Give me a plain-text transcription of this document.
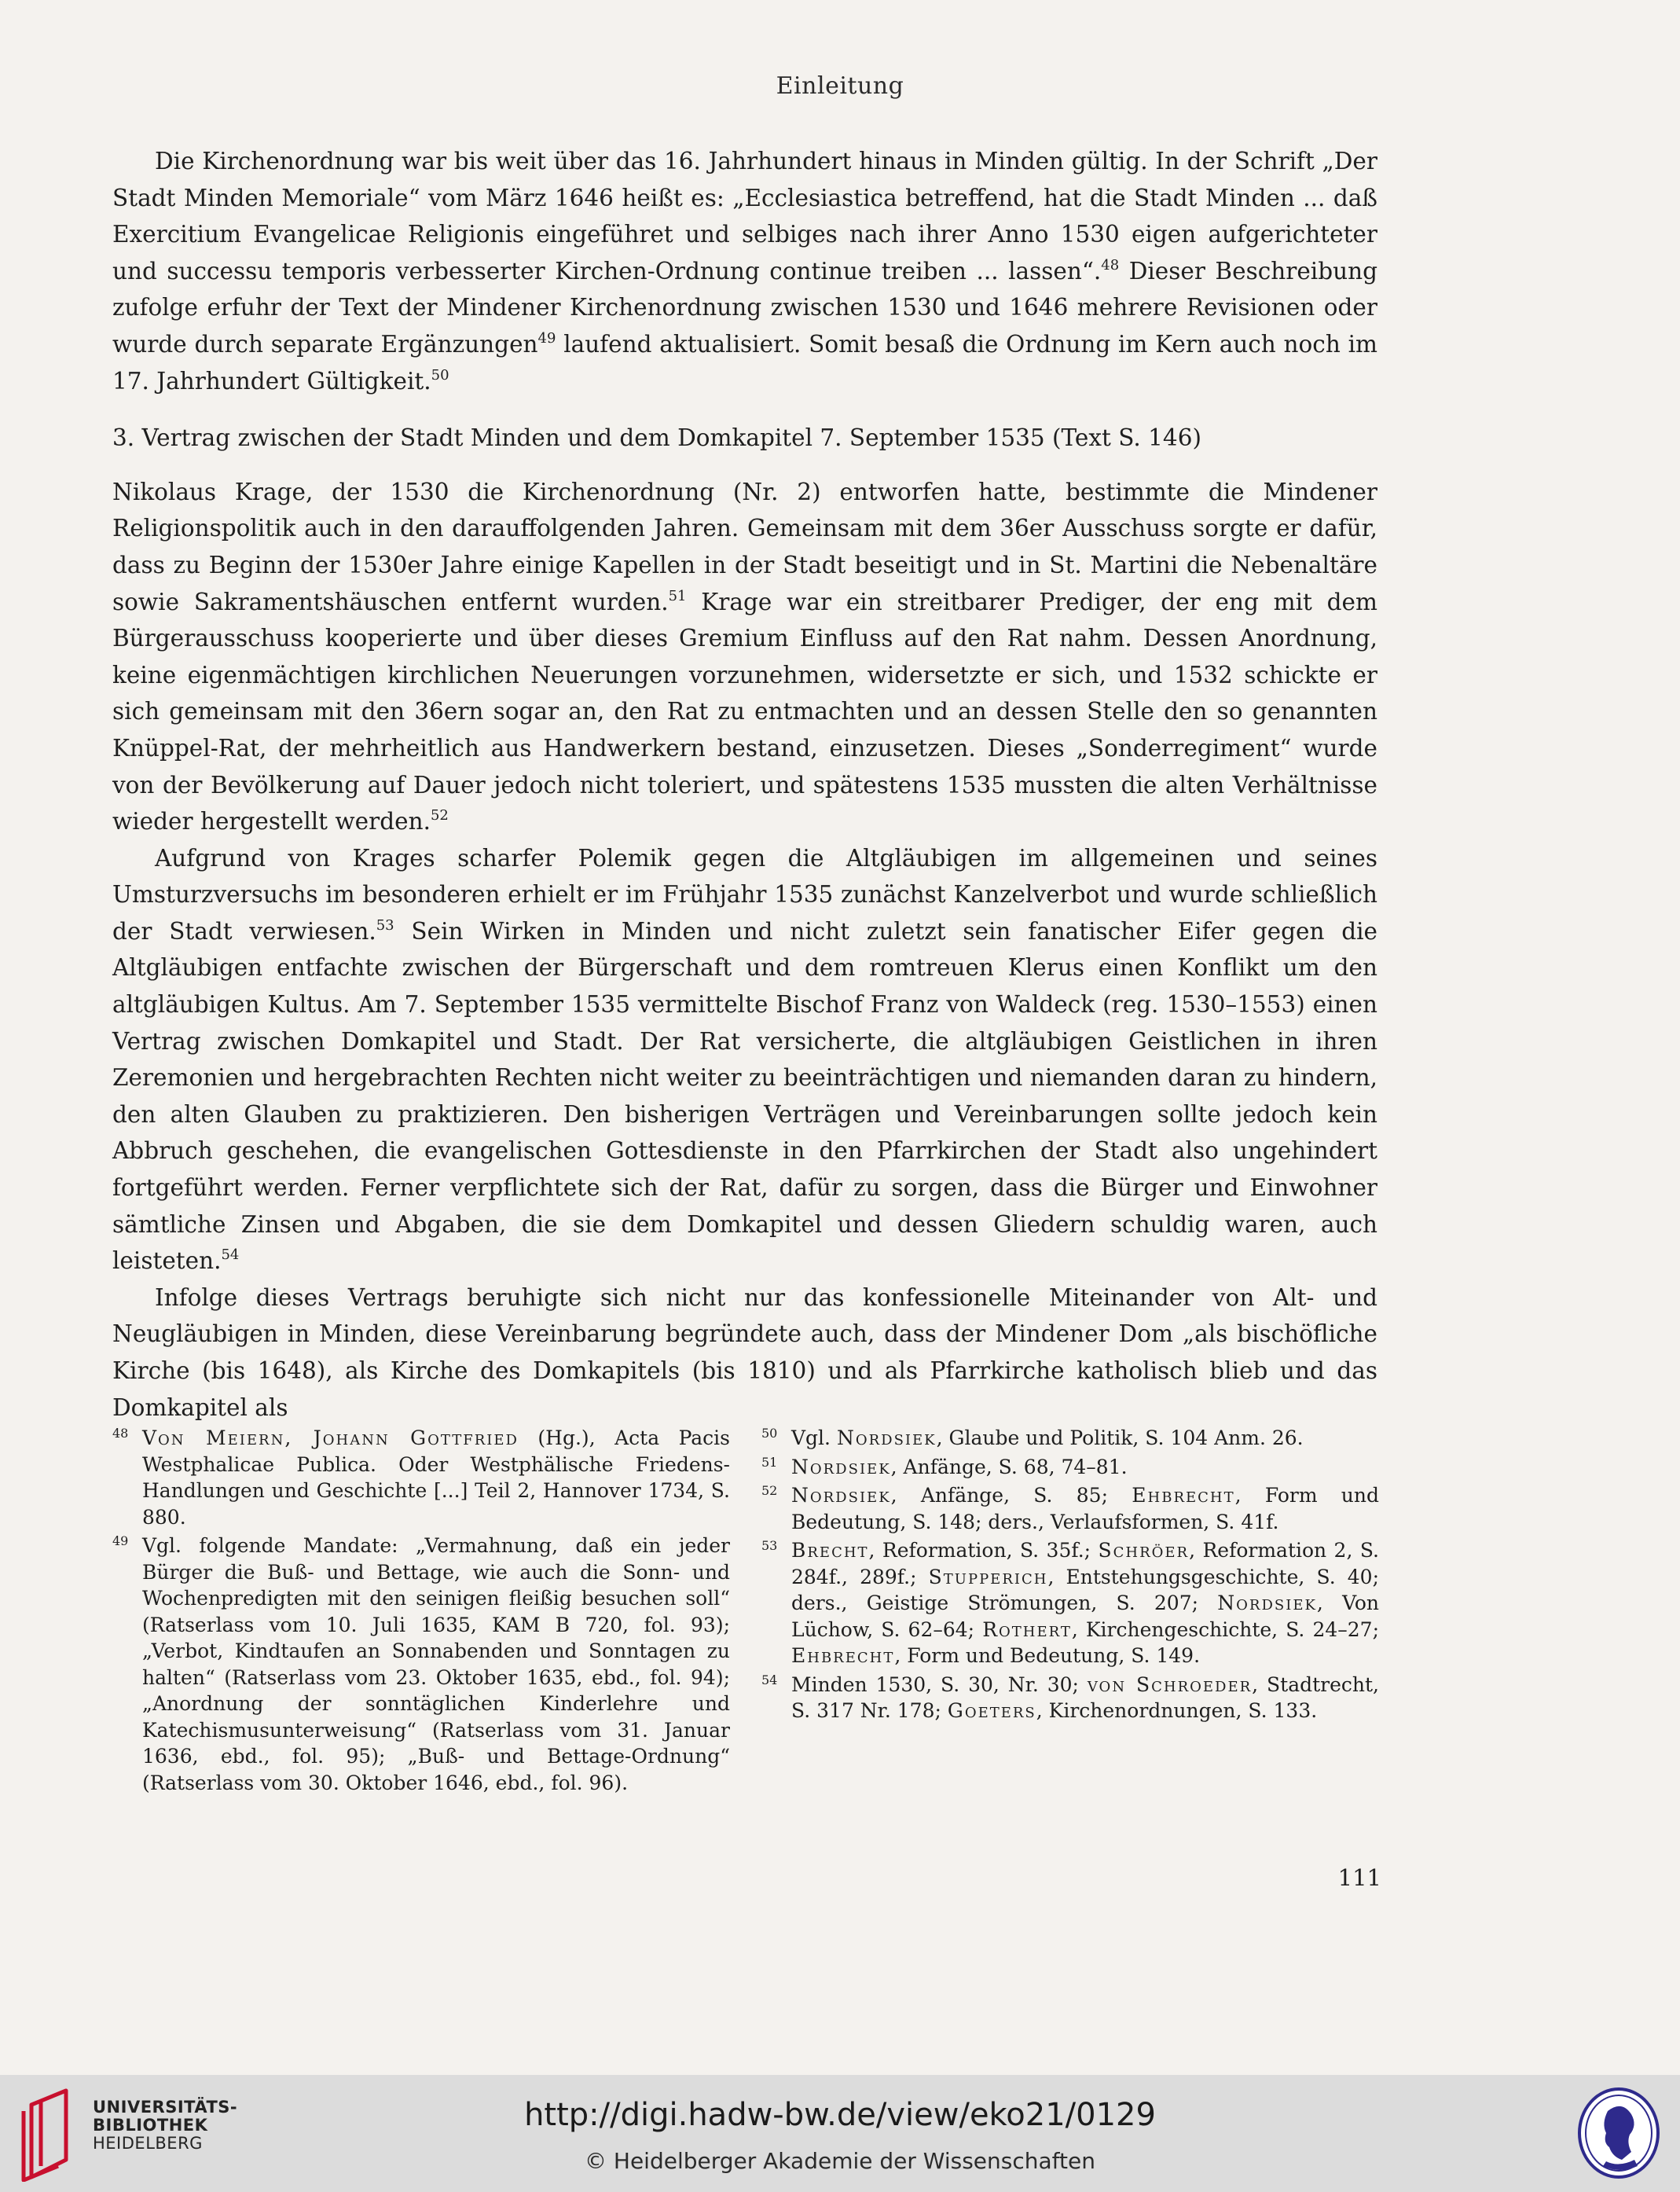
Einleitung

Die Kirchenordnung war bis weit über das 16. Jahrhundert hinaus in Minden gültig. In der Schrift „Der Stadt Minden Memoriale“ vom März 1646 heißt es: „Ecclesiastica betreffend, hat die Stadt Minden ... daß Exercitium Evangelicae Religionis eingeführet und selbiges nach ihrer Anno 1530 eigen aufgerichteter und successu temporis verbesserter Kirchen-Ordnung continue treiben ... lassen“.$^{48}$ Dieser Beschreibung zufolge erfuhr der Text der Mindener Kirchenordnung zwischen 1530 und 1646 mehrere Revisionen oder wurde durch separate Ergänzungen$^{49}$ laufend aktualisiert. Somit besaß die Ordnung im Kern auch noch im 17. Jahrhundert Gültigkeit.$^{50}$

3. Vertrag zwischen der Stadt Minden und dem Domkapitel 7. September 1535 (Text S. 146)

Nikolaus Krage, der 1530 die Kirchenordnung (Nr. 2) entworfen hatte, bestimmte die Mindener Religionspolitik auch in den darauffolgenden Jahren. Gemeinsam mit dem 36er Ausschuss sorgte er dafür, dass zu Beginn der 1530er Jahre einige Kapellen in der Stadt beseitigt und in St. Martini die Nebenaltäre sowie Sakramentshäuschen entfernt wurden.$^{51}$ Krage war ein streitbarer Prediger, der eng mit dem Bürgerausschuss kooperierte und über dieses Gremium Einfluss auf den Rat nahm. Dessen Anordnung, keine eigenmächtigen kirchlichen Neuerungen vorzunehmen, widersetzte er sich, und 1532 schickte er sich gemeinsam mit den 36ern sogar an, den Rat zu entmachten und an dessen Stelle den so genannten Knüppel-Rat, der mehrheitlich aus Handwerkern bestand, einzusetzen. Dieses „Sonderregiment“ wurde von der Bevölkerung auf Dauer jedoch nicht toleriert, und spätestens 1535 mussten die alten Verhältnisse wieder hergestellt werden.$^{52}$

Aufgrund von Krages scharfer Polemik gegen die Altgläubigen im allgemeinen und seines Umsturzversuchs im besonderen erhielt er im Frühjahr 1535 zunächst Kanzelverbot und wurde schließlich der Stadt verwiesen.$^{53}$ Sein Wirken in Minden und nicht zuletzt sein fanatischer Eifer gegen die Altgläubigen entfachte zwischen der Bürgerschaft und dem romtreuen Klerus einen Konflikt um den altgläubigen Kultus. Am 7. September 1535 vermittelte Bischof Franz von Waldeck (reg. 1530–1553) einen Vertrag zwischen Domkapitel und Stadt. Der Rat versicherte, die altgläubigen Geistlichen in ihren Zeremonien und hergebrachten Rechten nicht weiter zu beeinträchtigen und niemanden daran zu hindern, den alten Glauben zu praktizieren. Den bisherigen Verträgen und Vereinbarungen sollte jedoch kein Abbruch geschehen, die evangelischen Gottesdienste in den Pfarrkirchen der Stadt also ungehindert fortgeführt werden. Ferner verpflichtete sich der Rat, dafür zu sorgen, dass die Bürger und Einwohner sämtliche Zinsen und Abgaben, die sie dem Domkapitel und dessen Gliedern schuldig waren, auch leisteten.$^{54}$

Infolge dieses Vertrags beruhigte sich nicht nur das konfessionelle Miteinander von Alt- und Neugläubigen in Minden, diese Vereinbarung begründete auch, dass der Mindener Dom „als bischöfliche Kirche (bis 1648), als Kirche des Domkapitels (bis 1810) und als Pfarrkirche katholisch blieb und das Domkapitel als

48 Von Meiern, Johann Gottfried (Hg.), Acta Pacis Westphalicae Publica. Oder Westphälische Friedens-Handlungen und Geschichte [...] Teil 2, Hannover 1734, S. 880.
49 Vgl. folgende Mandate: „Vermahnung, daß ein jeder Bürger die Buß- und Bettage, wie auch die Sonn- und Wochenpredigten mit den seinigen fleißig besuchen soll“ (Ratserlass vom 10. Juli 1635, KAM B 720, fol. 93); „Verbot, Kindtaufen an Sonnabenden und Sonntagen zu halten“ (Ratserlass vom 23. Oktober 1635, ebd., fol. 94); „Anordnung der sonntäglichen Kinderlehre und Katechismusunterweisung“ (Ratserlass vom 31. Januar 1636, ebd., fol. 95); „Buß- und Bettage-Ordnung“ (Ratserlass vom 30. Oktober 1646, ebd., fol. 96).
50 Vgl. Nordsiek, Glaube und Politik, S. 104 Anm. 26.
51 Nordsiek, Anfänge, S. 68, 74–81.
52 Nordsiek, Anfänge, S. 85; Ehbrecht, Form und Bedeutung, S. 148; ders., Verlaufsformen, S. 41f.
53 Brecht, Reformation, S. 35f.; Schröer, Reformation 2, S. 284f., 289f.; Stupperich, Entstehungsgeschichte, S. 40; ders., Geistige Strömungen, S. 207; Nordsiek, Von Lüchow, S. 62–64; Rothert, Kirchengeschichte, S. 24–27; Ehbrecht, Form und Bedeutung, S. 149.
54 Minden 1530, S. 30, Nr. 30; von Schroeder, Stadtrecht, S. 317 Nr. 178; Goeters, Kirchenordnungen, S. 133.
111
UNIVERSITÄTS-
BIBLIOTHEK
HEIDELBERG
http://digi.hadw-bw.de/view/eko21/0129
© Heidelberger Akademie der Wissenschaften
